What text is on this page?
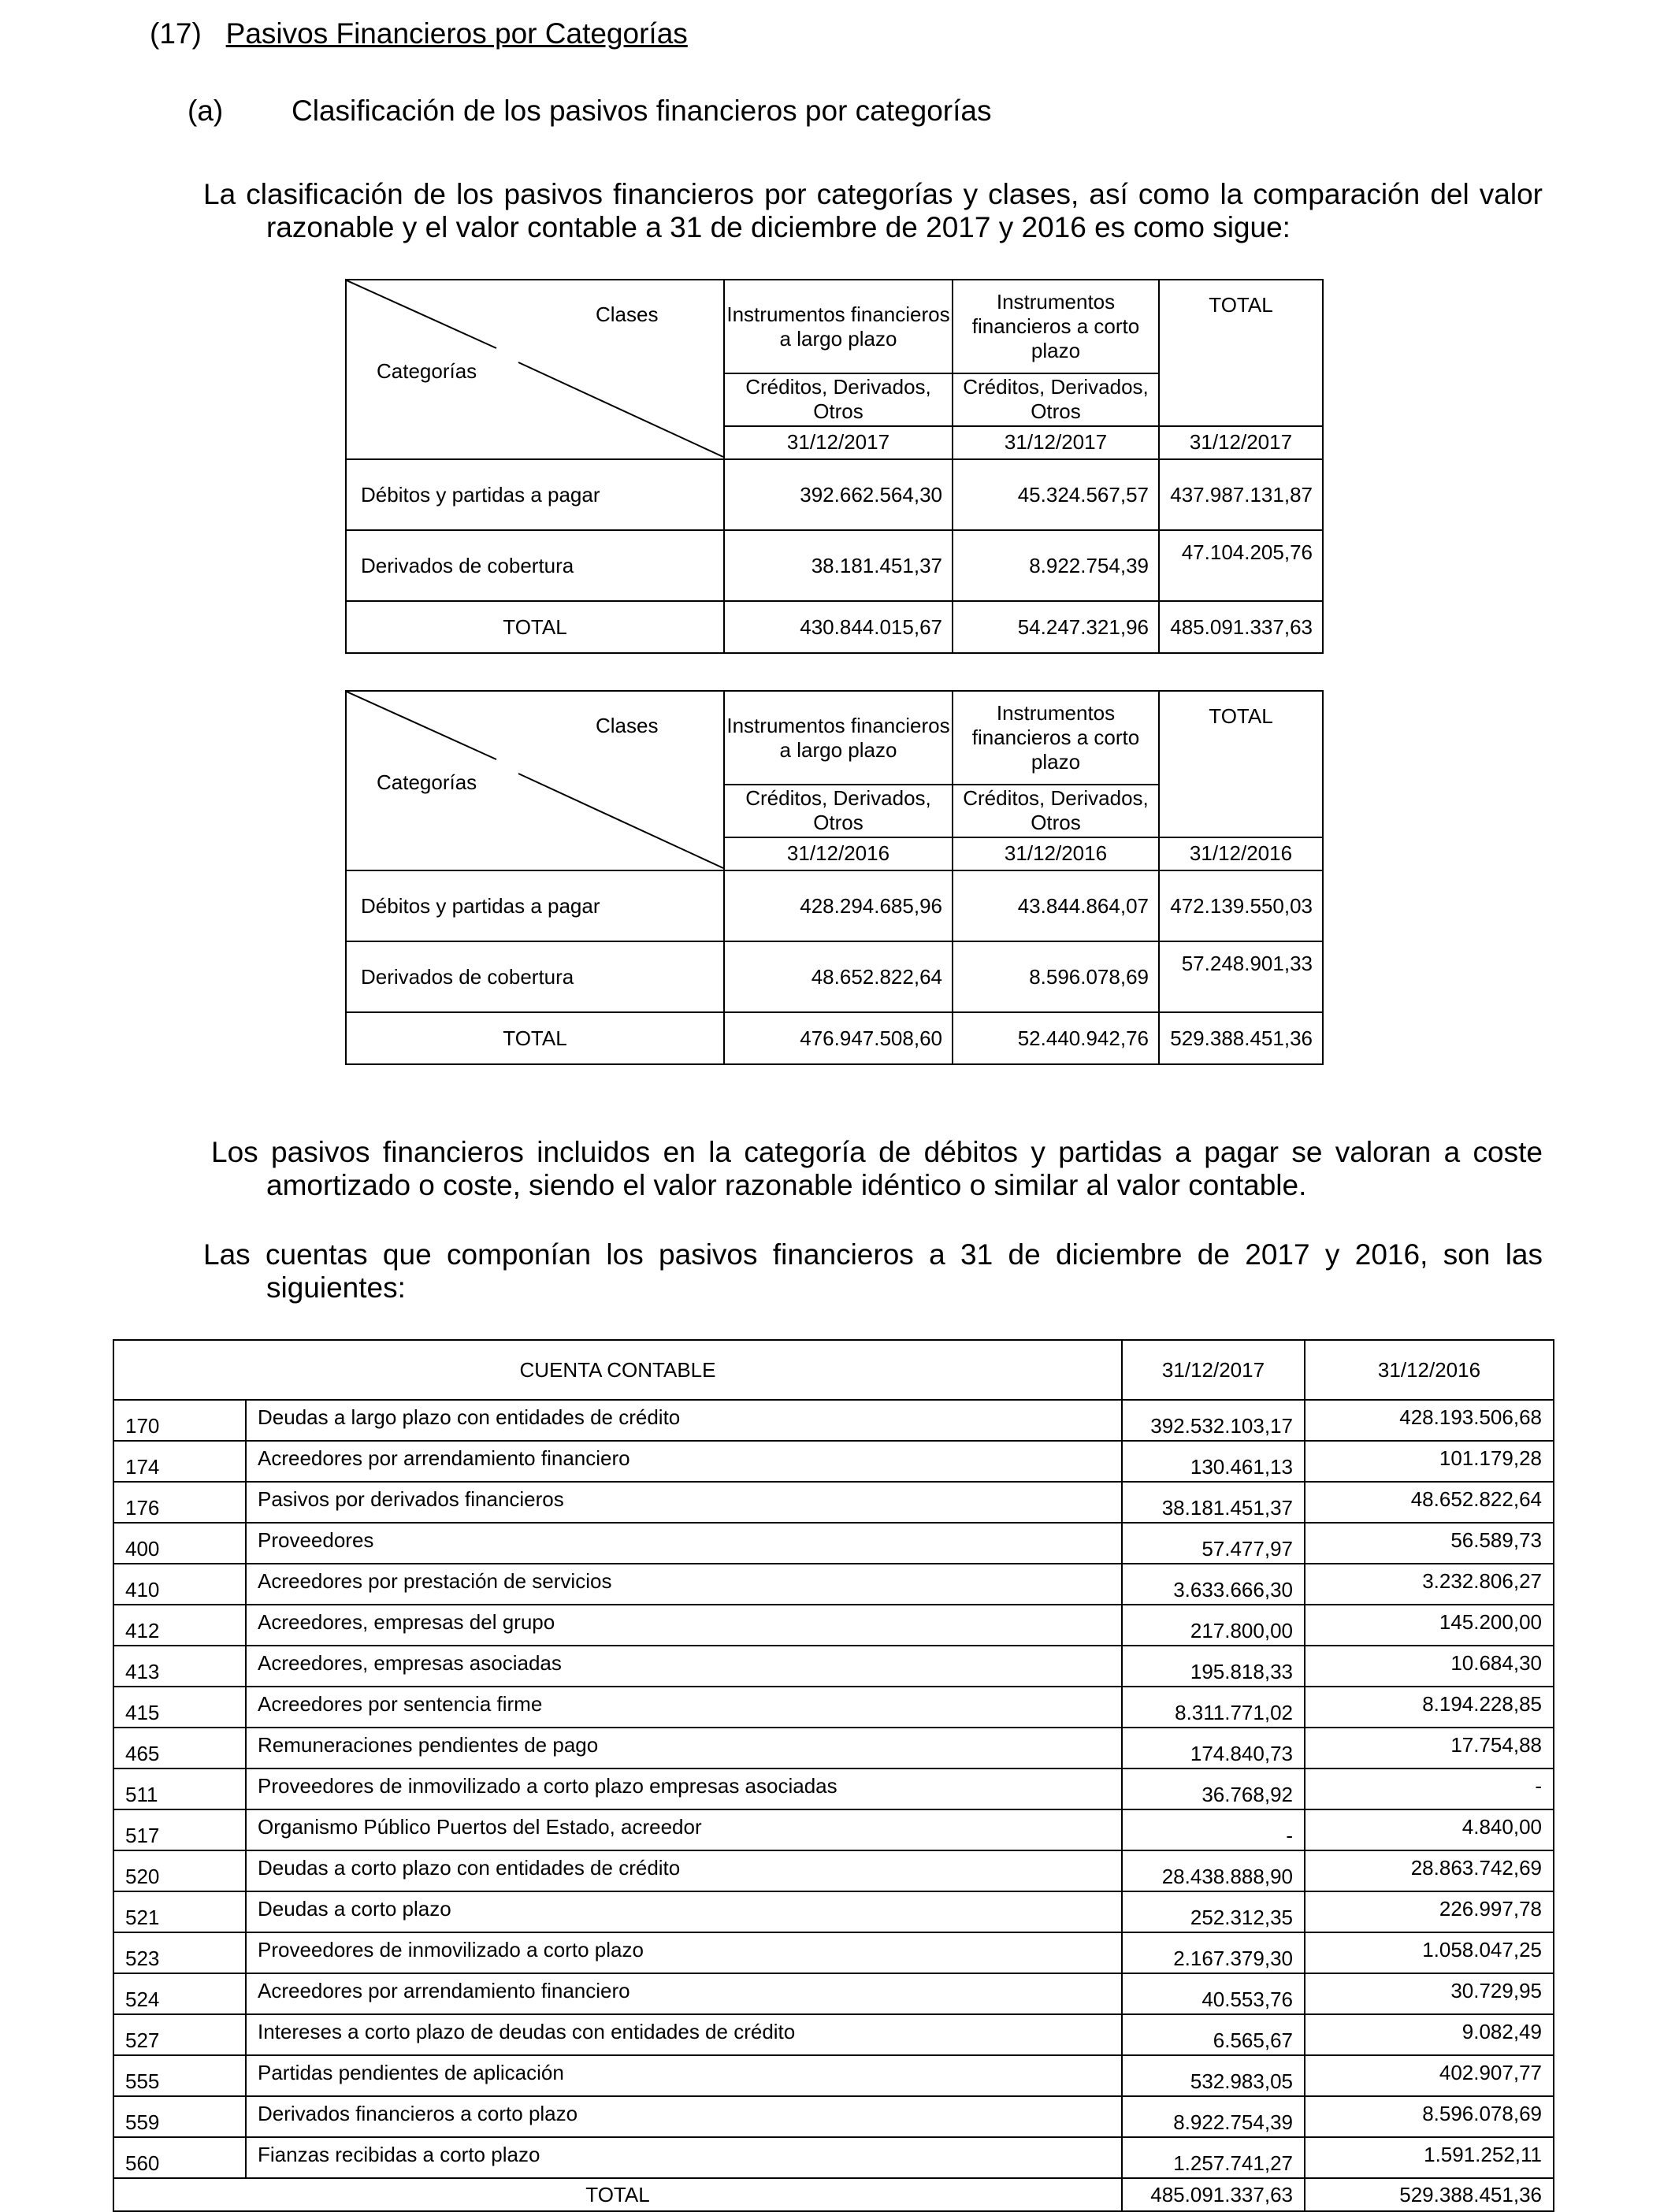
(17) Pasivos Financieros por Categorías
(a) Clasificación de los pasivos financieros por categorías
La clasificación de los pasivos financieros por categorías y clases, así como la comparación del valor
razonable y el valor contable a 31 de diciembre de 2017 y 2016 es como sigue:
Clases
Categorías	Instrumentos financieros a largo plazo	Instrumentos financieros a corto plazo	TOTAL
	Créditos, Derivados, Otros	Créditos, Derivados, Otros	
	31/12/2017	31/12/2017	31/12/2017
Débitos y partidas a pagar	392.662.564,30	45.324.567,57	437.987.131,87
Derivados de cobertura	38.181.451,37	8.922.754,39	47.104.205,76
TOTAL	430.844.015,67	54.247.321,96	485.091.337,63
Clases
Categorías	Instrumentos financieros a largo plazo	Instrumentos financieros a corto plazo	TOTAL
	Créditos, Derivados, Otros	Créditos, Derivados, Otros	
	31/12/2016	31/12/2016	31/12/2016
Débitos y partidas a pagar	428.294.685,96	43.844.864,07	472.139.550,03
Derivados de cobertura	48.652.822,64	8.596.078,69	57.248.901,33
TOTAL	476.947.508,60	52.440.942,76	529.388.451,36
Los pasivos financieros incluidos en la categoría de débitos y partidas a pagar se valoran a coste
amortizado o coste, siendo el valor razonable idéntico o similar al valor contable.
Las cuentas que componían los pasivos financieros a 31 de diciembre de 2017 y 2016, son las
siguientes:
CUENTA CONTABLE		31/12/2017	31/12/2016
170	Deudas a largo plazo con entidades de crédito	392.532.103,17	428.193.506,68
174	Acreedores por arrendamiento financiero	130.461,13	101.179,28
176	Pasivos por derivados financieros	38.181.451,37	48.652.822,64
400	Proveedores	57.477,97	56.589,73
410	Acreedores por prestación de servicios	3.633.666,30	3.232.806,27
412	Acreedores, empresas del grupo	217.800,00	145.200,00
413	Acreedores, empresas asociadas	195.818,33	10.684,30
415	Acreedores por sentencia firme	8.311.771,02	8.194.228,85
465	Remuneraciones pendientes de pago	174.840,73	17.754,88
511	Proveedores de inmovilizado a corto plazo empresas asociadas	36.768,92	-
517	Organismo Público Puertos del Estado, acreedor	-	4.840,00
520	Deudas a corto plazo con entidades de crédito	28.438.888,90	28.863.742,69
521	Deudas a corto plazo	252.312,35	226.997,78
523	Proveedores de inmovilizado a corto plazo	2.167.379,30	1.058.047,25
524	Acreedores por arrendamiento financiero	40.553,76	30.729,95
527	Intereses a corto plazo de deudas con entidades de crédito	6.565,67	9.082,49
555	Partidas pendientes de aplicación	532.983,05	402.907,77
559	Derivados financieros a corto plazo	8.922.754,39	8.596.078,69
560	Fianzas recibidas a corto plazo	1.257.741,27	1.591.252,11
TOTAL		485.091.337,63	529.388.451,36
